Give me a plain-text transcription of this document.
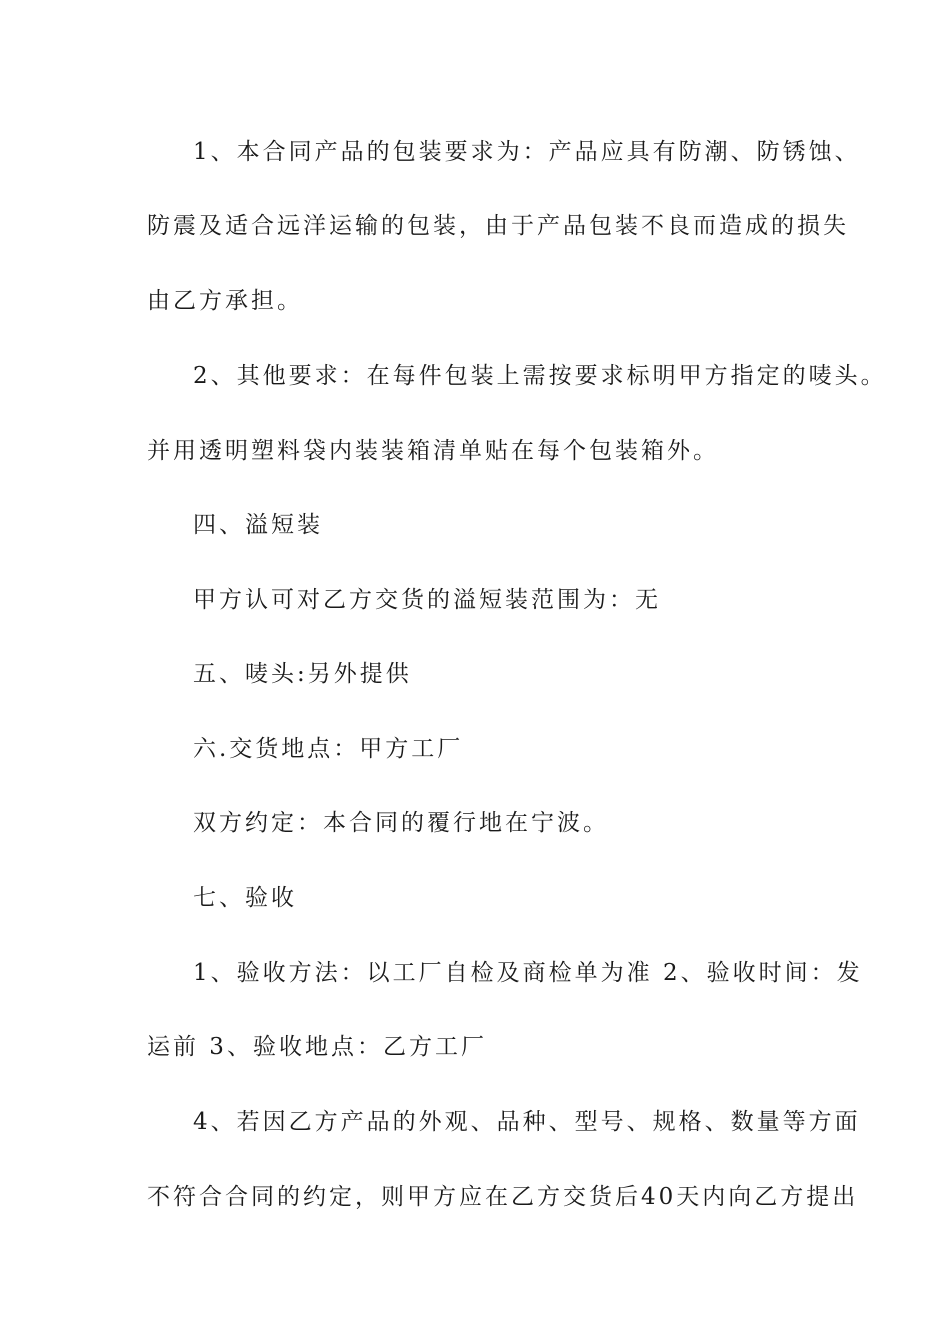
1、本合同产品的包装要求为：产品应具有防潮、防锈蚀、
防震及适合远洋运输的包装，由于产品包装不良而造成的损失
由乙方承担。
2、其他要求：在每件包装上需按要求标明甲方指定的唛头。
并用透明塑料袋内装装箱清单贴在每个包装箱外。
四、溢短装
甲方认可对乙方交货的溢短装范围为：无
五、唛头:另外提供
六.交货地点：甲方工厂
双方约定：本合同的覆行地在宁波。
七、验收
1、验收方法：以工厂自检及商检单为准 2、验收时间：发
运前 3、验收地点：乙方工厂
4、若因乙方产品的外观、品种、型号、规格、数量等方面
不符合合同的约定，则甲方应在乙方交货后40天内向乙方提出
